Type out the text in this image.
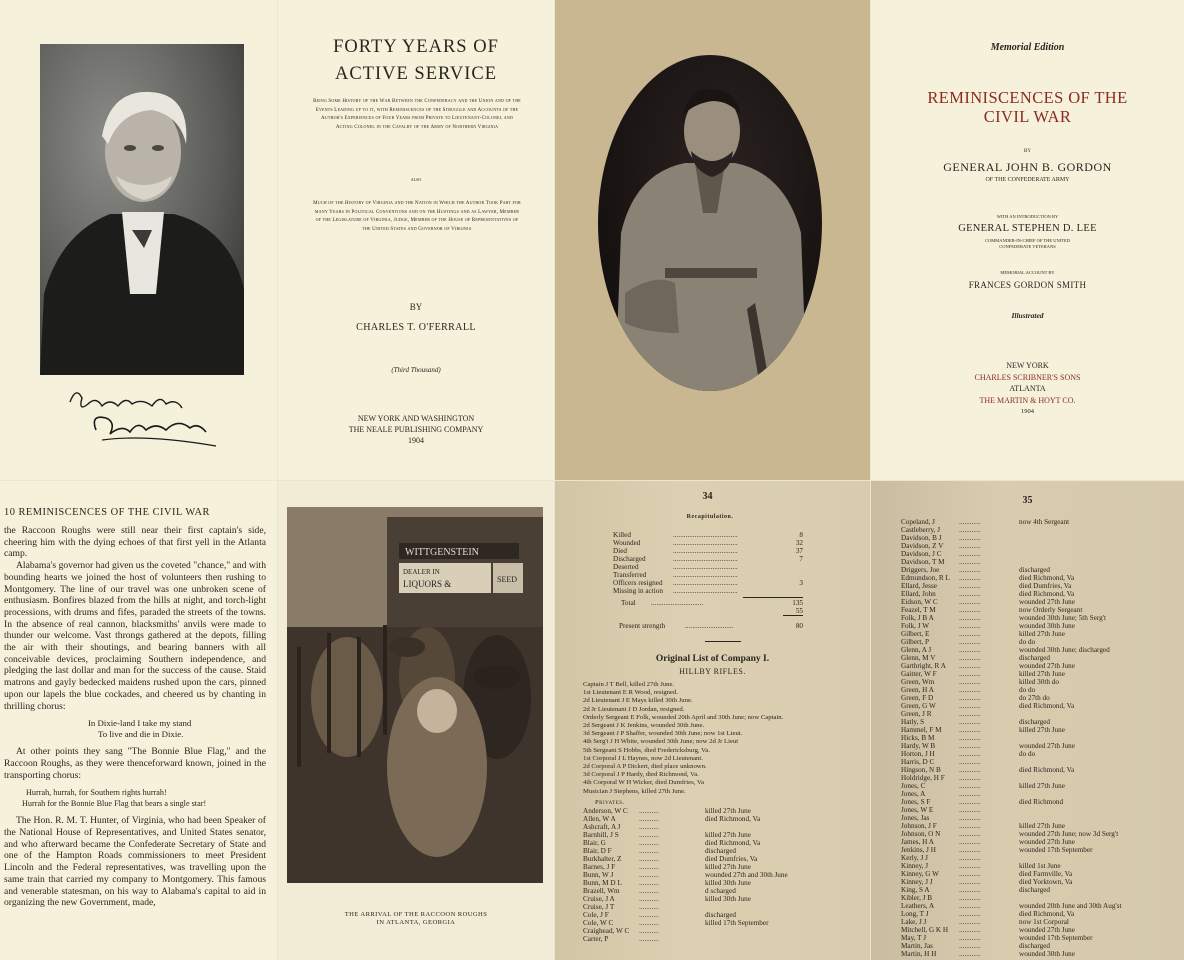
FORTY YEARS OF
ACTIVE SERVICE
Being Some History of the War Between the Confederacy and the Union and of the Events Leading up to it, with Reminiscences of the Struggle and Accounts of the Author's Experiences of Four Years from Private to Lieutenant-Colonel and Acting Colonel in the Cavalry of the Army of Northern Virginia
also
Much of the History of Virginia and the Nation in Which the Author Took Part for many Years in Political Conventions and on the Hustings and as Lawyer, Member of the Legislature of Virginia, Judge, Member of the House of Representatives of the United States and Governor of Virginia
BY
CHARLES T. O'FERRALL
(Third Thousand)
NEW YORK AND WASHINGTON
THE NEALE PUBLISHING COMPANY
1904
Memorial Edition
REMINISCENCES OF THE
CIVIL WAR
BY
GENERAL JOHN B. GORDON
OF THE CONFEDERATE ARMY
WITH AN INTRODUCTION BY
GENERAL STEPHEN D. LEE
COMMANDER-IN-CHIEF OF THE UNITED
CONFEDERATE VETERANS
MEMORIAL ACCOUNT BY
FRANCES GORDON SMITH
Illustrated
NEW YORK
CHARLES SCRIBNER'S SONS
ATLANTA
THE MARTIN & HOYT CO.
1904
10 REMINISCENCES OF THE CIVIL WAR
the Raccoon Roughs were still near their first captain's side, cheering him with the dying echoes of that first yell in the Atlanta camp.
Alabama's governor had given us the coveted "chance," and with bounding hearts we joined the host of volunteers then rushing to Montgomery. The line of our travel was one unbroken scene of enthusiasm. Bonfires blazed from the hills at night, and torch-light processions, with drums and fifes, paraded the streets of the towns. In the absence of real cannon, blacksmiths' anvils were made to thunder our welcome. Vast throngs gathered at the depots, filling the air with their shoutings, and bearing banners with all conceivable devices, proclaiming Southern independence, and pledging the last dollar and man for the success of the cause. Staid matrons and gayly bedecked maidens rushed upon the cars, pinned upon our lapels the blue cockades, and cheered us by chanting in thrilling chorus:
In Dixie-land I take my stand
To live and die in Dixie.
At other points they sang "The Bonnie Blue Flag," and the Raccoon Roughs, as they were thenceforward known, joined in the transporting chorus:
Hurrah, hurrah, for Southern rights hurrah!
Hurrah for the Bonnie Blue Flag that bears a single star!
The Hon. R. M. T. Hunter, of Virginia, who had been Speaker of the National House of Representatives, and United States senator, and who afterward became the Confederate Secretary of State and one of the Hampton Roads commissioners to meet President Lincoln and the Federal representatives, was travelling upon the same train that carried my company to Montgomery. This famous and venerable statesman, on his way to Alabama's capital to aid in organizing the new Government, made,
WITTGENSTEIN
DEALER IN
LIQUORS &	SEED
THE ARRIVAL OF THE RACCOON ROUGHS
IN ATLANTA, GEORGIA
34
Recapitulation.
Killed	....................................	8
Wounded	....................................	32
Died	....................................	37
Discharged	....................................	7
Deserted	....................................
Transferred	....................................
Officers resigned ....................................	3
Missing in action ....................................
Total .............................	135
55
Present strength	...........................	80
Original List of Company I.
HILLBY RIFLES.
Captain J T Bell, killed 27th June.
1st Lieutenant E R Wood, resigned.
2d Lieutenant J E Mays killed 30th June.
2d Jr Lieutenant J D Jordan, resigned.
Orderly Sergeant E Folk, wounded 20th April and 30th June; now Captain.
2d Sergeant J K Jenkins, wounded 30th June.
3d Sergeant J P Shaffer, wounded 30th June; now 1st Lieut.
4th Serg't J H White, wounded 30th June; now 2d Jr Lieut
5th Sergeant S Hobbs, died Fredericksburg, Va.
1st Corporal J L Haynes, now 2d Lieutenant.
2d Corporal A P Dickert, died place unknown.
3d Corporal J P Hardy, died Richmond, Va.
4th Corporal W H Wicker, died Dumfries, Va
Musician J Stephens, killed 27th June.
Privates.
Anderson, W C ...........	killed 27th June
Allen, W A	...........	died Richmond, Va
Ashcraft, A J	...........
Barnhill, J S	...........	killed 27th June
Blair, G	...........	died Richmond, Va
Blair, D F	...........	discharged
Burkhalter, Z ...........	died Dumfries, Va
Barnes, J F	...........	killed 27th June
Bunn, W J	...........	wounded 27th and 30th June
Bunn, M D L ...........	killed 30th June
Brazell, Wm	...........	d scharged
Cruise, J A	...........	killed 30th June
Cruise, J T	...........
Cole, J F	...........	discharged
Cole, W C	...........	killed 17th September
Craighead, W C ...........
Carter, P	...........
35
Copeland, J	............	now 4th Sergeant
Castleberry, J	............
Davidson, B J ............
Davidson, Z V ............
Davidson, J C ............
Davidson, T M ............
Driggers, Joe	............	discharged
Edmundson, R L ............	died Richmond, Va
Ellard, Jesse	............	died Dumfries, Va
Ellard, John	............	died Richmond, Va
Eidson, W C	............	wounded 27th June
Feazel, T M	............	now Orderly Sergeant
Folk, J B A	............	wounded 30th June; 5th Serg't
Folk, J W	............	wounded 30th June
Gilbert, E	............	killed 27th June
Gilbert, P	............	do do
Glenn, A J	............	wounded 30th June; discharged
Glenn, M V	............	discharged
Garthright, R A ............	wounded 27th June
Gaitter, W F	............	killed 27th June
Green, Wm	............	killed 30th do
Green, H A	............	do do
Green, F D	............	do 27th do
Green, G W	............	died Richmond, Va
Green, J R	............
Hatly, S	............	discharged
Hammel, F M ............	killed 27th June
Hicks, B M	............
Hardy, W B	............	wounded 27th June
Horton, J H	............	do do
Harris, D C	............
Hingson, N B	............	died Richmond, Va
Holdridge, H F ............
Jones, C	............	killed 27th June
Jones, A	............
Jones, S F	............	died Richmond
Jones, W E	............
Jones, Jas	............
Johnson, J F	............	killed 27th June
Johnson, O N	............	wounded 27th June; now 3d Serg't
James, H A	............	wounded 27th June
Jenkins, J H	............	wounded 17th September
Kerly, J J	............
Kinney, J	............	killed 1st June
Kinney, G W	............	died Farmville, Va
Kinney, J J	............	died Yorktown, Va
King, S A	............	discharged
Kibler, J B	............
Leathers, A	............	wounded 20th June and 30th Aug'st
Long, T J	............	died Richmond, Va
Lake, J J	............	now 1st Corporal
Mitchell, G K H ............	wounded 27th June
May, T J	............	wounded 17th September
Martin, Jas	............	discharged
Martin, H H	............	wounded 30th June
